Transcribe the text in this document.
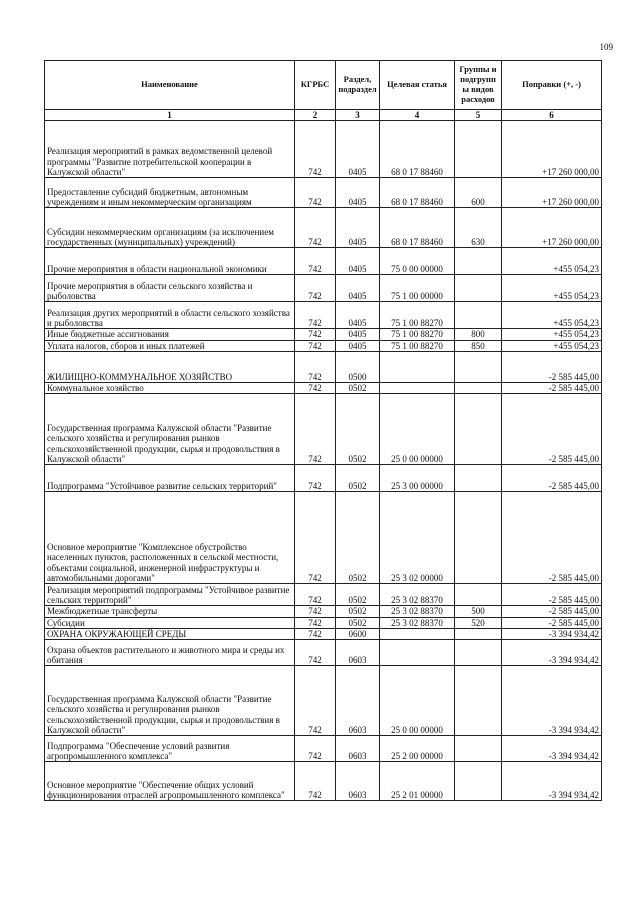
109
Наименование	КГРБС	Раздел, подраздел	Целевая статья	Группы и подгрупп ы видов расходов	Поправки (+, -)
1	2	3	4	5	6
Реализация мероприятий в рамках ведомственной целевой программы "Развитие потребительской кооперации в Калужской области"	742	0405	68 0 17 88460		+17 260 000,00
Предоставление субсидий бюджетным, автономным учреждениям и иным некоммерческим организациям	742	0405	68 0 17 88460	600	+17 260 000,00
Субсидии некоммерческим организациям (за исключением государственных (муниципальных) учреждений)	742	0405	68 0 17 88460	630	+17 260 000,00
Прочие мероприятия в области национальной экономики	742	0405	75 0 00 00000		+455 054,23
Прочие мероприятия в области сельского хозяйства и рыболовства	742	0405	75 1 00 00000		+455 054,23
Реализация других мероприятий в области сельского хозяйства и рыболовства	742	0405	75 1 00 88270		+455 054,23
Иные бюджетные ассигнования	742	0405	75 1 00 88270	800	+455 054,23
Уплата налогов, сборов и иных платежей	742	0405	75 1 00 88270	850	+455 054,23
ЖИЛИЩНО-КОММУНАЛЬНОЕ ХОЗЯЙСТВО	742	0500			-2 585 445,00
Коммунальное хозяйство	742	0502			-2 585 445,00
Государственная программа Калужской области "Развитие сельского хозяйства и регулирования рынков сельскохозяйственной продукции, сырья и продовольствия в Калужской области"	742	0502	25 0 00 00000		-2 585 445,00
Подпрограмма "Устойчивое развитие сельских территорий"	742	0502	25 3 00 00000		-2 585 445,00
Основное мероприятие "Комплексное обустройство населенных пунктов, расположенных в сельской местности, объектами социальной, инженерной инфраструктуры и автомобильными дорогами"	742	0502	25 3 02 00000		-2 585 445,00
Реализация мероприятий подпрограммы "Устойчивое развитие сельских территорий"	742	0502	25 3 02 88370		-2 585 445,00
Межбюджетные трансферты	742	0502	25 3 02 88370	500	-2 585 445,00
Субсидии	742	0502	25 3 02 88370	520	-2 585 445,00
ОХРАНА ОКРУЖАЮЩЕЙ СРЕДЫ	742	0600			-3 394 934,42
Охрана объектов растительного и животного мира и среды их обитания	742	0603			-3 394 934,42
Государственная программа Калужской области "Развитие сельского хозяйства и регулирования рынков сельскохозяйственной продукции, сырья и продовольствия в Калужской области"	742	0603	25 0 00 00000		-3 394 934,42
Подпрограмма "Обеспечение условий развития агропромышленного комплекса"	742	0603	25 2 00 00000		-3 394 934,42
Основное мероприятие "Обеспечение общих условий функционирования отраслей агропромышленного комплекса"	742	0603	25 2 01 00000		-3 394 934,42
